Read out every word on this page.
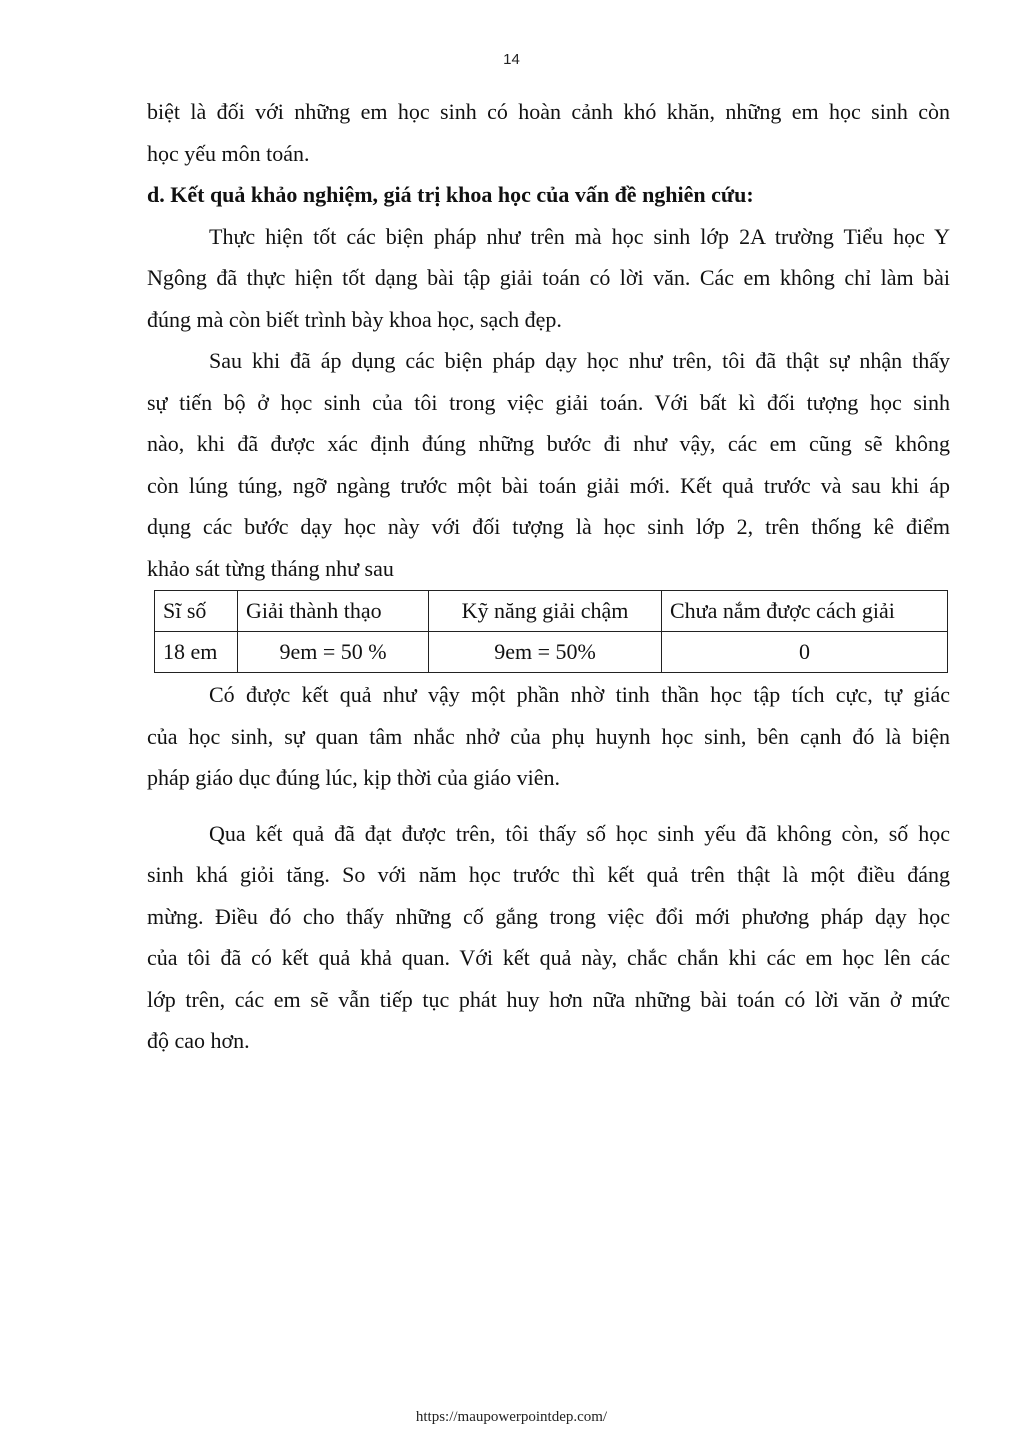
14
biệt là đối với những em học sinh có hoàn cảnh khó khăn, những em học sinh còn
học yếu môn toán.
d. Kết quả khảo nghiệm, giá trị khoa học của vấn đề nghiên cứu:
Thực hiện tốt các biện pháp như trên mà học sinh lớp 2A trường Tiểu học Y
Ngông đã thực hiện tốt dạng bài tập giải toán có lời văn. Các em không chỉ làm bài
đúng mà còn biết trình bày khoa học, sạch đẹp.
Sau khi đã áp dụng các biện pháp dạy học như trên, tôi đã thật sự nhận thấy
sự tiến bộ ở học sinh của tôi trong việc giải toán. Với bất kì đối tượng học sinh
nào, khi đã được xác định đúng những bước đi như vậy, các em cũng sẽ không
còn lúng túng, ngỡ ngàng trước một bài toán giải mới. Kết quả trước và sau khi áp
dụng các bước dạy học này với đối tượng là học sinh lớp 2, trên thống kê điểm
khảo sát từng tháng như sau
Sĩ số	Giải thành thạo	Kỹ năng giải chậm	Chưa nắm được cách giải
18 em	9em = 50 %	9em = 50%	0
Có được kết quả như vậy một phần nhờ tinh thần học tập tích cực, tự giác
của học sinh, sự quan tâm nhắc nhở của phụ huynh học sinh, bên cạnh đó là biện
pháp giáo dục đúng lúc, kịp thời của giáo viên.
Qua kết quả đã đạt được trên, tôi thấy số học sinh yếu đã không còn, số học
sinh khá giỏi tăng. So với năm học trước thì kết quả trên thật là một điều đáng
mừng. Điều đó cho thấy những cố gắng trong việc đổi mới phương pháp dạy học
của tôi đã có kết quả khả quan. Với kết quả này, chắc chắn khi các em học lên các
lớp trên, các em sẽ vẫn tiếp tục phát huy hơn nữa những bài toán có lời văn ở mức
độ cao hơn.
https://maupowerpointdep.com/
